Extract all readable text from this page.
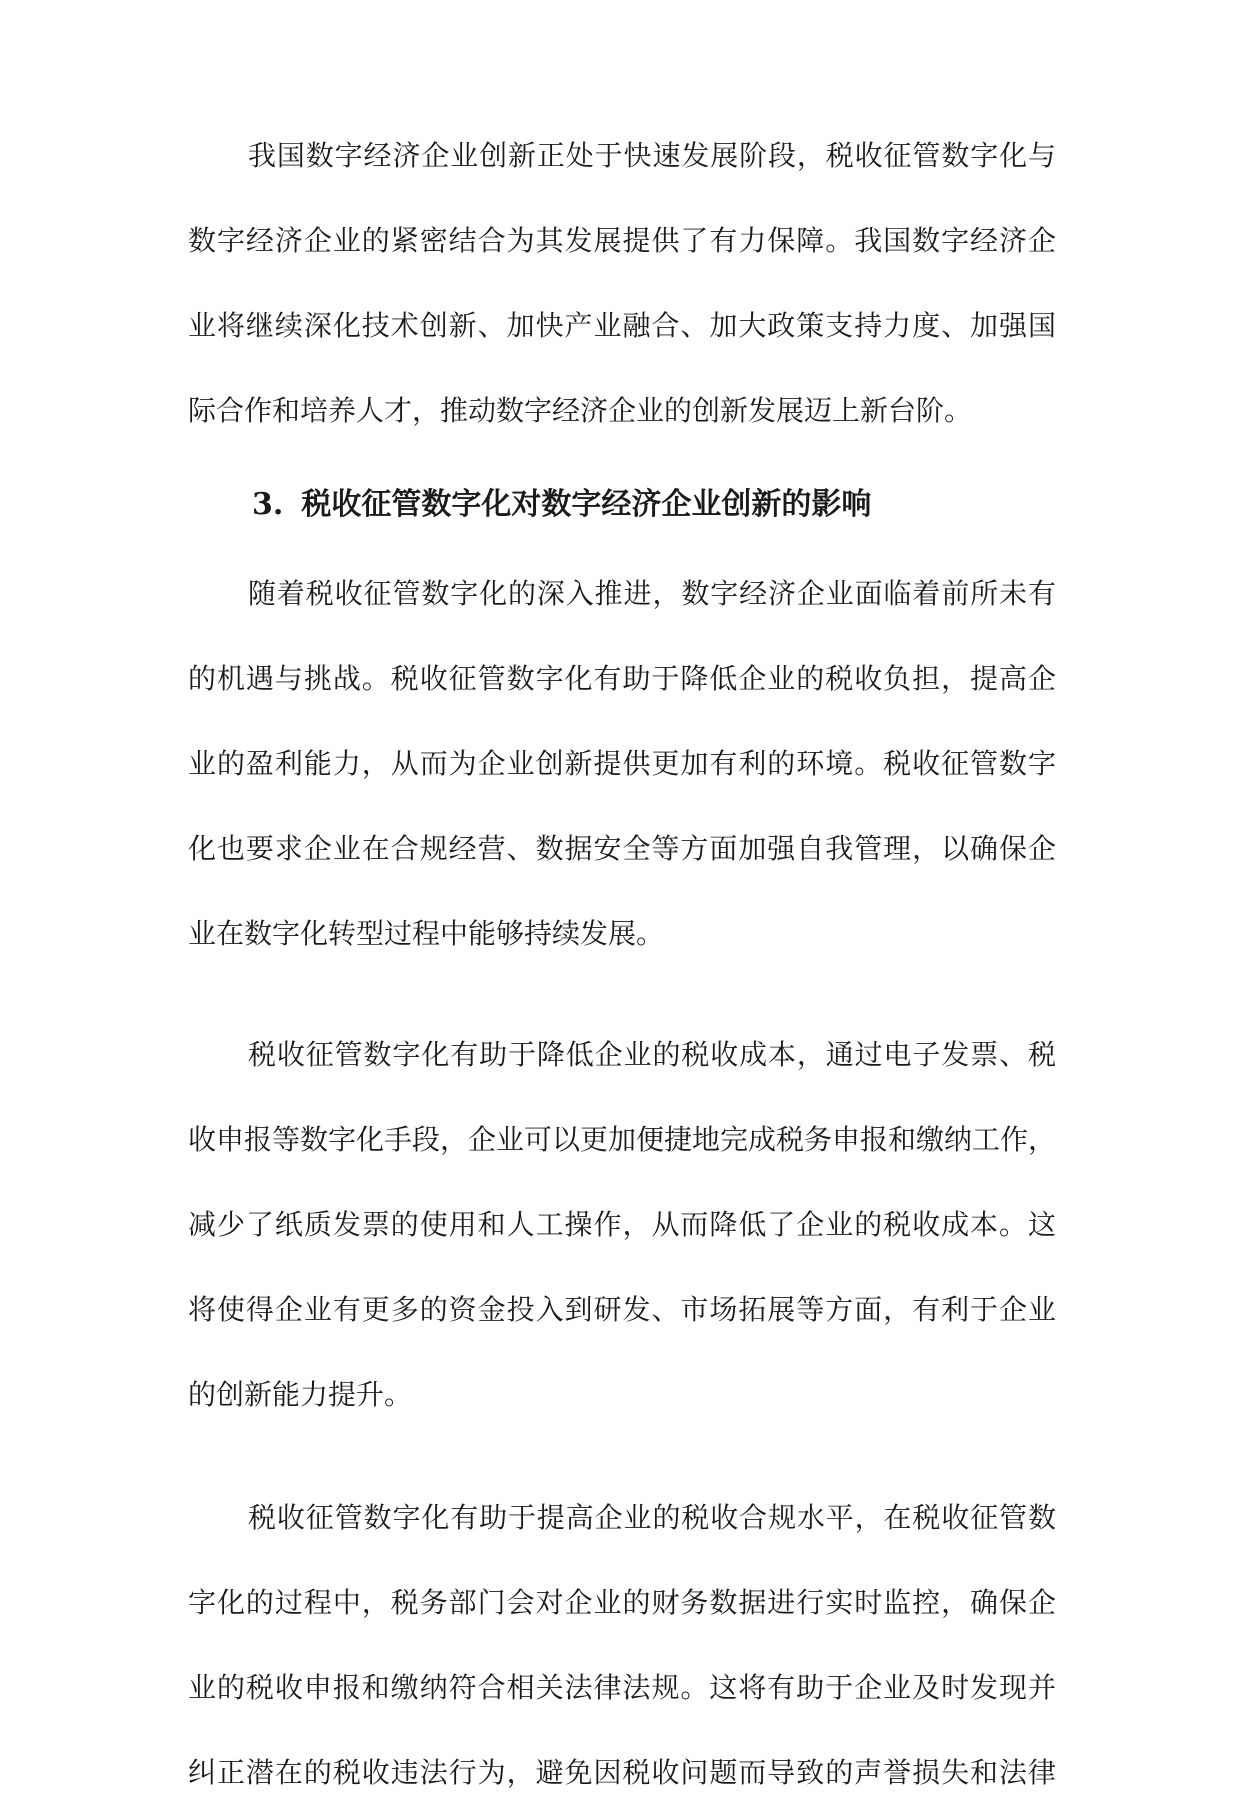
我国数字经济企业创新正处于快速发展阶段，税收征管数字化与
数字经济企业的紧密结合为其发展提供了有力保障。我国数字经济企
业将继续深化技术创新、加快产业融合、加大政策支持力度、加强国
际合作和培养人才，推动数字经济企业的创新发展迈上新台阶。
3. 税收征管数字化对数字经济企业创新的影响
随着税收征管数字化的深入推进，数字经济企业面临着前所未有
的机遇与挑战。税收征管数字化有助于降低企业的税收负担，提高企
业的盈利能力，从而为企业创新提供更加有利的环境。税收征管数字
化也要求企业在合规经营、数据安全等方面加强自我管理，以确保企
业在数字化转型过程中能够持续发展。
税收征管数字化有助于降低企业的税收成本，通过电子发票、税
收申报等数字化手段，企业可以更加便捷地完成税务申报和缴纳工作，
减少了纸质发票的使用和人工操作，从而降低了企业的税收成本。这
将使得企业有更多的资金投入到研发、市场拓展等方面，有利于企业
的创新能力提升。
税收征管数字化有助于提高企业的税收合规水平，在税收征管数
字化的过程中，税务部门会对企业的财务数据进行实时监控，确保企
业的税收申报和缴纳符合相关法律法规。这将有助于企业及时发现并
纠正潜在的税收违法行为，避免因税收问题而导致的声誉损失和法律
